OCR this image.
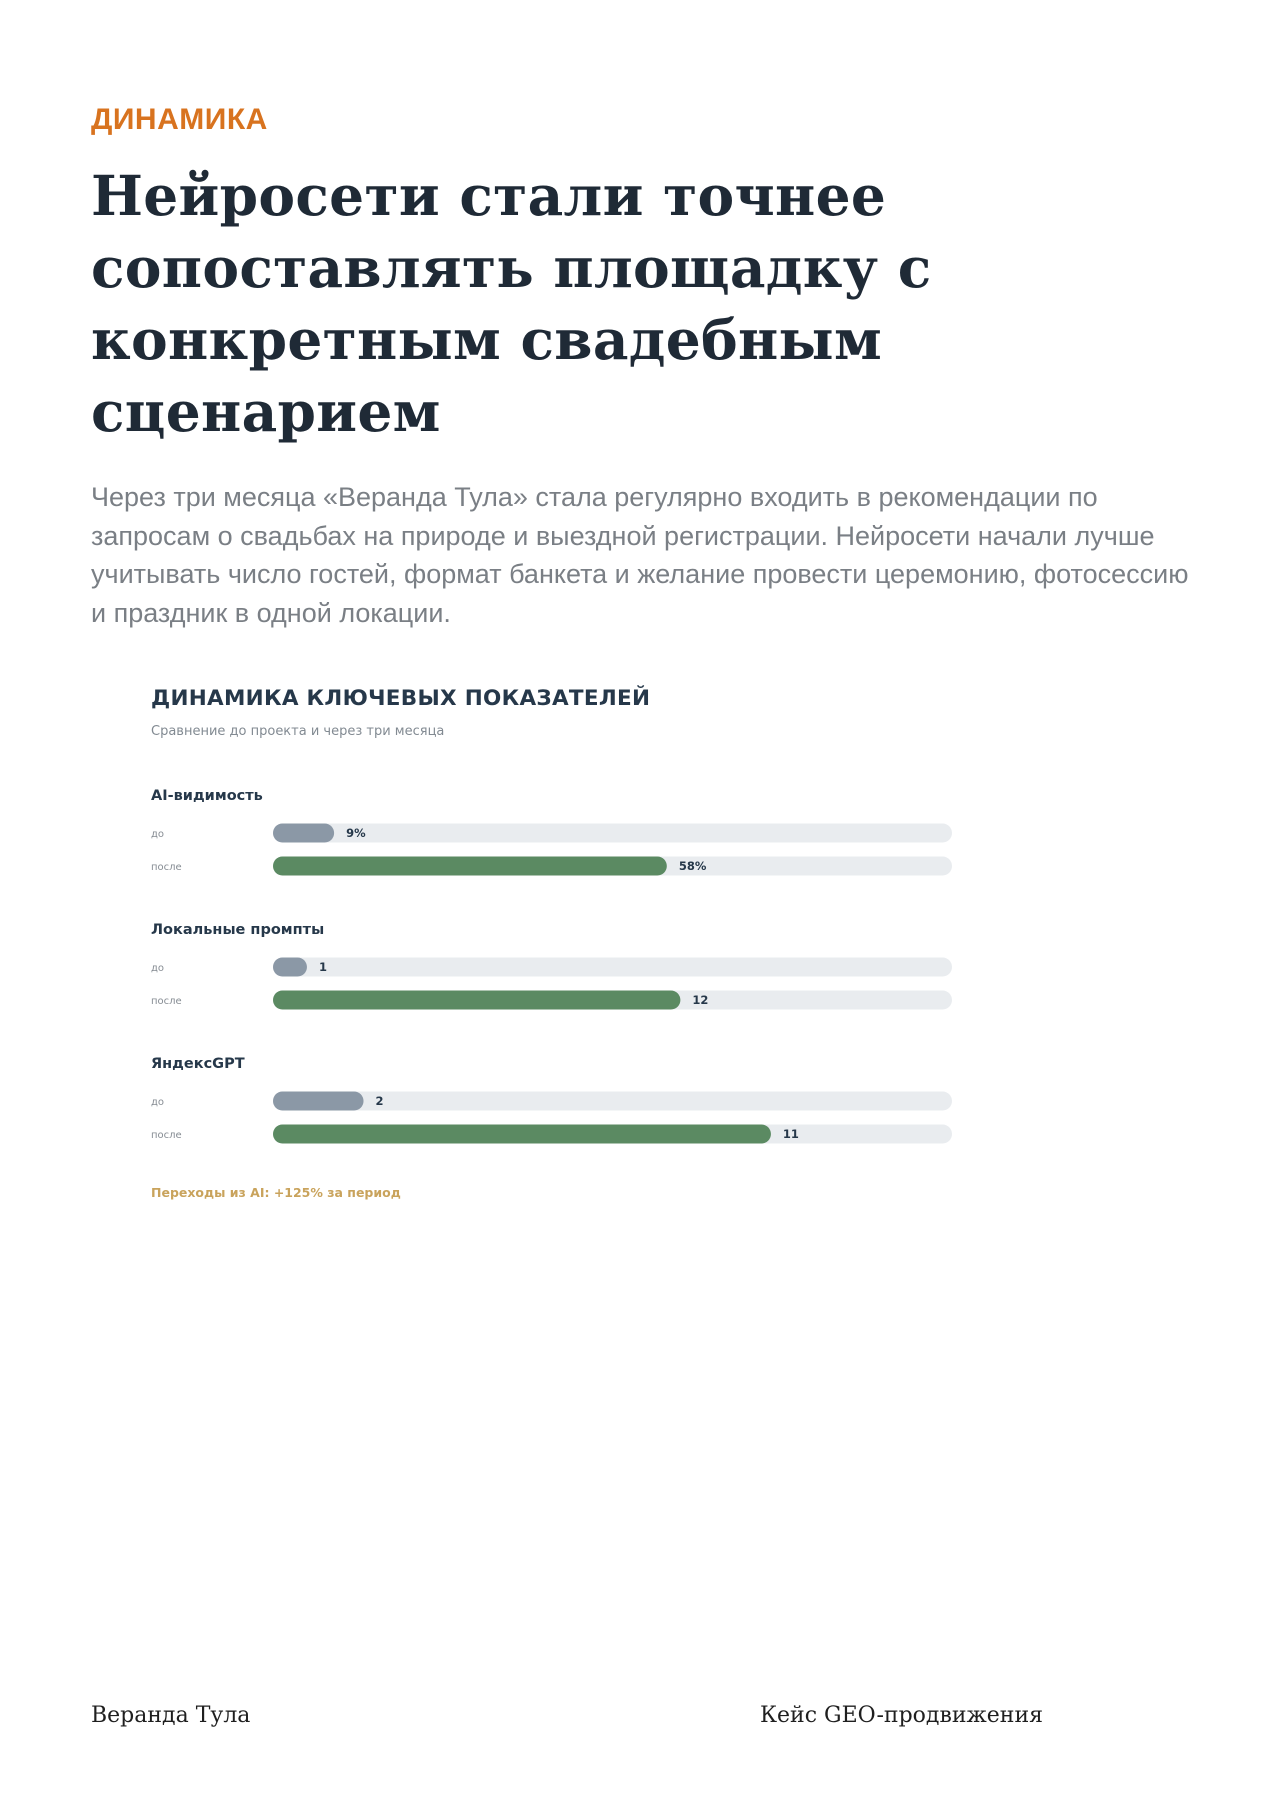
ДИНАМИКА
Нейросети стали точнее сопоставлять площадку с конкретным свадебным сценарием

Через три месяца «Веранда Тула» стала регулярно входить в рекомендации по запросам о свадьбах на природе и выездной регистрации. Нейросети начали лучше учитывать число гостей, формат банкета и желание провести церемонию, фотосессию и праздник в одной локации.

ДИНАМИКА КЛЮЧЕВЫХ ПОКАЗАТЕЛЕЙ
Сравнение до проекта и через три месяца
AI-видимость
до	9%
после	58%
Локальные промпты
до	1
после	12
ЯндексGPT
до	2
после	11
Переходы из AI: +125% за период
Веранда Тула	Кейс GEO-продвижения
